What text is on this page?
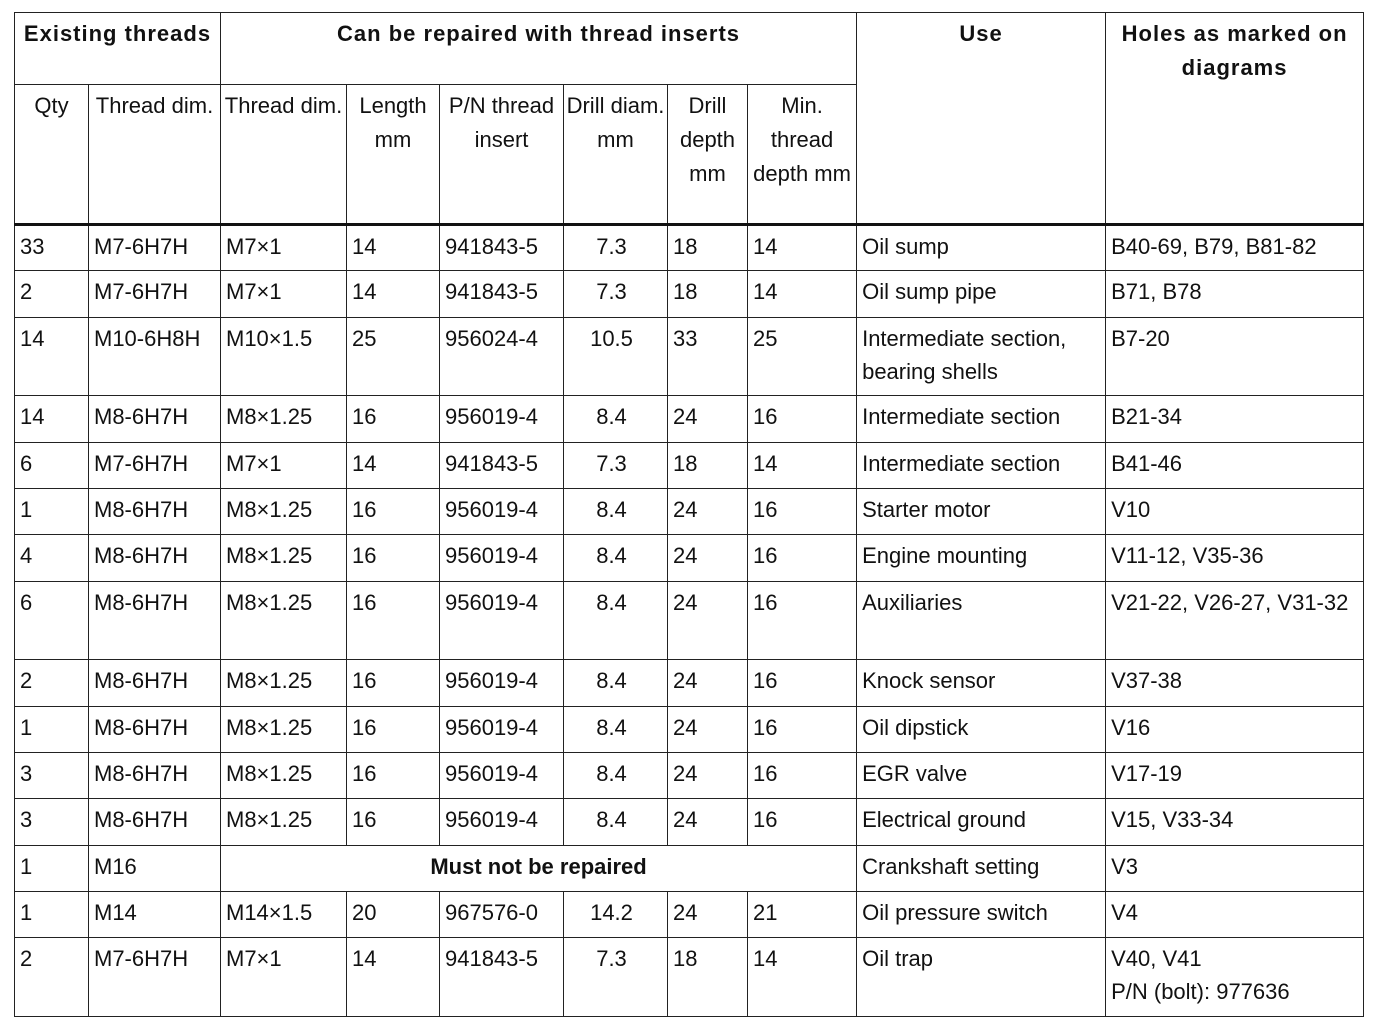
Existing threads		Can be repaired with thread inserts						Use	Holes as marked on diagrams
Qty	Thread dim.	Thread dim.	Length mm	P/N thread insert	Drill diam. mm	Drill depth mm	Min. thread depth mm		
33	M7-6H7H	M7×1	14	941843-5	7.3	18	14	Oil sump	B40-69, B79, B81-82
2	M7-6H7H	M7×1	14	941843-5	7.3	18	14	Oil sump pipe	B71, B78
14	M10-6H8H	M10×1.5	25	956024-4	10.5	33	25	Intermediate section, bearing shells	B7-20
14	M8-6H7H	M8×1.25	16	956019-4	8.4	24	16	Intermediate section	B21-34
6	M7-6H7H	M7×1	14	941843-5	7.3	18	14	Intermediate section	B41-46
1	M8-6H7H	M8×1.25	16	956019-4	8.4	24	16	Starter motor	V10
4	M8-6H7H	M8×1.25	16	956019-4	8.4	24	16	Engine mounting	V11-12, V35-36
6	M8-6H7H	M8×1.25	16	956019-4	8.4	24	16	Auxiliaries	V21-22, V26-27, V31-32
2	M8-6H7H	M8×1.25	16	956019-4	8.4	24	16	Knock sensor	V37-38
1	M8-6H7H	M8×1.25	16	956019-4	8.4	24	16	Oil dipstick	V16
3	M8-6H7H	M8×1.25	16	956019-4	8.4	24	16	EGR valve	V17-19
3	M8-6H7H	M8×1.25	16	956019-4	8.4	24	16	Electrical ground	V15, V33-34
1	M16	Must not be repaired						Crankshaft setting	V3
1	M14	M14×1.5	20	967576-0	14.2	24	21	Oil pressure switch	V4
2	M7-6H7H	M7×1	14	941843-5	7.3	18	14	Oil trap	V40, V41
P/N (bolt): 977636
